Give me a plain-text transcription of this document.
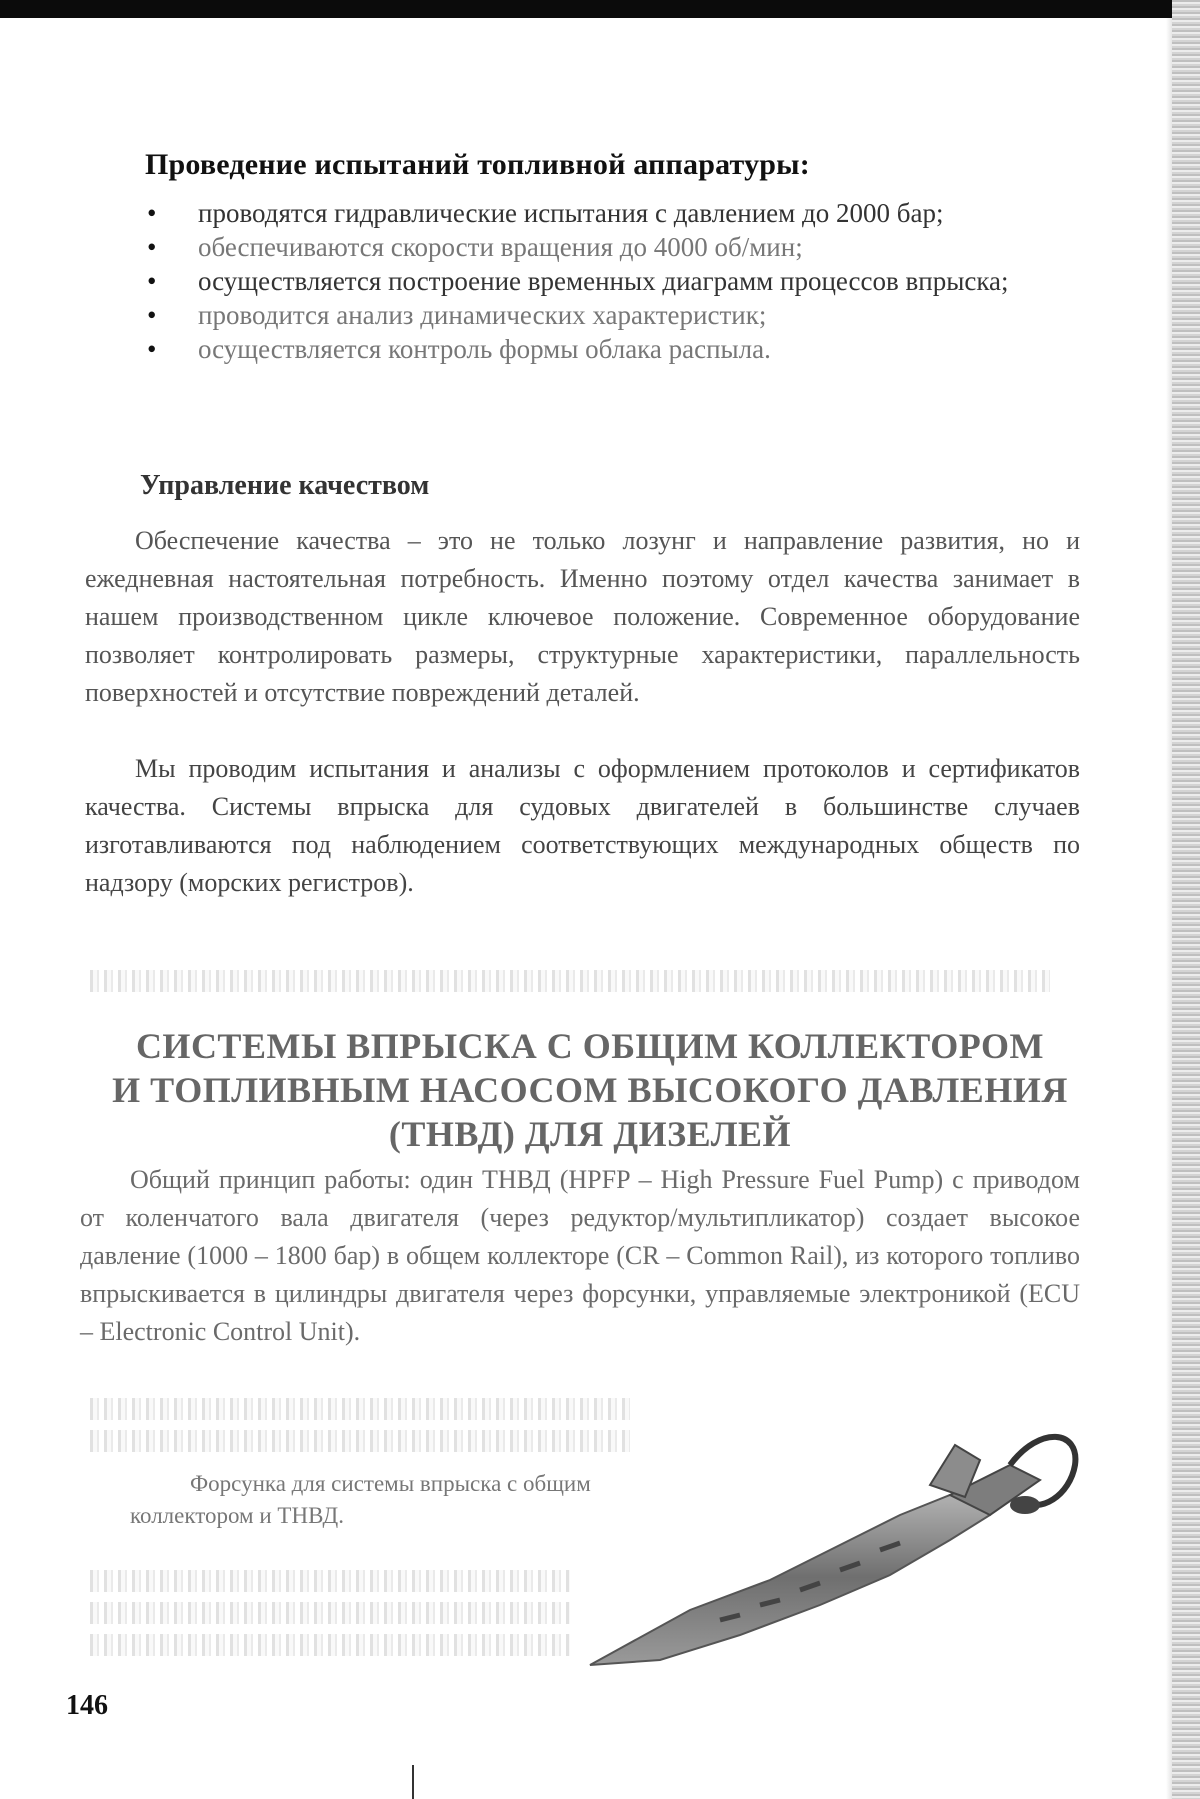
Проведение испытаний топливной аппаратуры:
• проводятся гидравлические испытания с давлением до 2000 бар;
• обеспечиваются скорости вращения до 4000 об/мин;
• осуществляется построение временных диаграмм процессов впрыска;
• проводится анализ динамических характеристик;
• осуществляется контроль формы облака распыла.
Управление качеством

Обеспечение качества – это не только лозунг и направление развития, но и ежедневная настоятельная потребность. Именно поэтому отдел качества занимает в нашем производственном цикле ключевое положение. Современное оборудование позволяет контролировать размеры, структурные характеристики, параллельность поверхностей и отсутствие повреждений деталей.

Мы проводим испытания и анализы с оформлением протоколов и сертификатов качества. Системы впрыска для судовых двигателей в большинстве случаев изготавливаются под наблюдением соответствующих международных обществ по надзору (морских регистров).

СИСТЕМЫ ВПРЫСКА С ОБЩИМ КОЛЛЕКТОРОМ
И ТОПЛИВНЫМ НАСОСОМ ВЫСОКОГО ДАВЛЕНИЯ
(ТНВД) ДЛЯ ДИЗЕЛЕЙ

Общий принцип работы: один ТНВД (HPFP – High Pressure Fuel Pump) с приводом от коленчатого вала двигателя (через редуктор/мультипликатор) создает высокое давление (1000 – 1800 бар) в общем коллекторе (CR – Common Rail), из которого топливо впрыскивается в цилиндры двигателя через форсунки, управляемые электроникой (ECU – Electronic Control Unit).

Форсунка для системы впрыска с общим коллектором и ТНВД.
146
